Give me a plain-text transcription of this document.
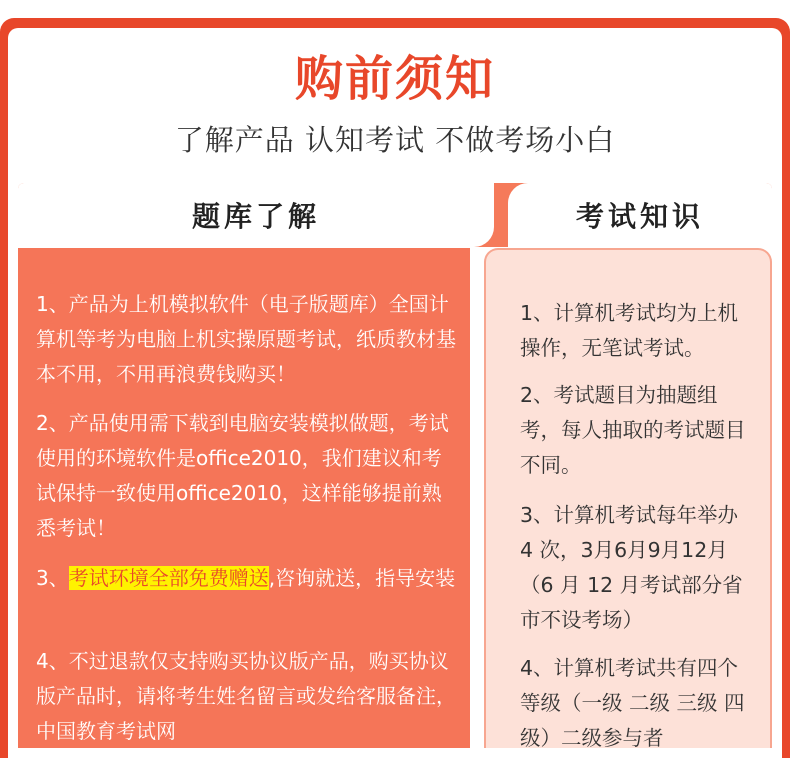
购前须知
了解产品 认知考试 不做考场小白
题库了解	考试知识
1、产品为上机模拟软件（电子版题库）全国计算机等考为电脑上机实操原题考试，纸质教材基本不用，不用再浪费钱购买！
2、产品使用需下载到电脑安装模拟做题，考试使用的环境软件是office2010，我们建议和考试保持一致使用office2010，这样能够提前熟悉考试！
3、考试环境全部免费赠送,咨询就送，指导安装
4、不过退款仅支持购买协议版产品，购买协议版产品时，请将考生姓名留言或发给客服备注，中国教育考试网
1、计算机考试均为上机操作，无笔试考试。
2、考试题目为抽题组考，每人抽取的考试题目不同。
3、计算机考试每年举办 4 次，3月6月9月12月（6 月 12 月考试部分省市不设考场）
4、计算机考试共有四个等级（一级 二级 三级 四级）二级参与者
